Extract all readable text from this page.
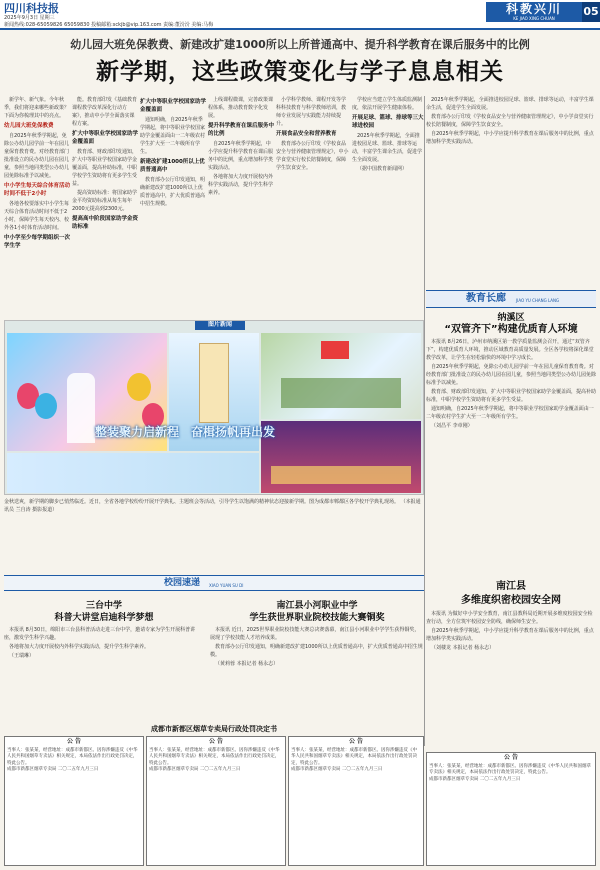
四川科技报
2025年9月3日 星期三
新闻热线:028-65059826 65059830 投稿邮箱:sckjb@vip.163.com 责编:董汾汾 美编:马梅
科教兴川
KE JIAO XING CHUAN
05
幼儿园大班免保教费、新建改扩建1000所以上所普通高中、提升科学教育在课后服务中的比例
新学期，这些政策变化与学子息息相关

新学年、新气象。今年秋季，我们将迎来哪些新政策？下面为你梳理其中的亮点。

幼儿园大班免保教费

自2025年秋季学期起，免除公办幼儿园学前一年在园儿童保育教育费。对经教育部门批准设立的民办幼儿园在园儿童，参照当地同类型公办幼儿园免除标准予以减免。

中小学生每天综合体育活动时间不低于2小时

各地各校要落实中小学生每天综合体育活动时间不低于2小时，保障学生每天校内、校外各1小时体育活动时间。

中小学至少每学期组织一次学生学

能。教育部印发《基础教育课程教学改革深化行动方案》，推动中小学全面落实课程方案。

扩大中等职业学校国家助学金覆盖面

教育部、财政部印发通知，扩大中等职业学校国家助学金覆盖面，提高补助标准，中职学校学生资助将有更多学生受益。

提高资助标准：将国家助学金平均资助标准从每生每年2000元提高到2300元。

提高高中阶段国家助学金资助标准
扩大中等职业学校国家助学金覆盖面

通知明确，自2025年秋季学期起，将中等职业学校国家助学金覆盖面由一二年级农村学生扩大至一二年级所有学生。

新建改扩建1000所以上优质普通高中

教育部办公厅印发通知，明确新建改扩建1000所以上优质普通高中，扩大优质普通高中招生规模。

上线课程微课，完善政策课程体系，推动教育数字化发展。

提升科学教育在课后服务中的比例

自2025年秋季学期起，中小学应提升科学教育在课后服务中的比例，重点增加科学类实践活动。

各地将加大力度开展校内外科学实践活动，提升学生科学素养。

小学科学教师、课程开发等学科科技教育与科学教师培训，教师专业发展与实践能力持续提升。

开展食品安全和营养教育

教育部办公厅印发《学校食品安全与营养健康管理规定》，中小学食堂实行校长陪餐制度，保障学生饮食安全。

学校应当建立学生体质监测制度，依法开展学生健康体检。

开展足球、篮球、排球等三大球进校园

2025年秋季学期起，全面推进校园足球、篮球、排球等运动，丰富学生课余生活，促进学生全面发展。

（据中国教育新闻网）

2025年秋季学期起，全面推进校园足球、篮球、排球等运动，丰富学生课余生活，促进学生全面发展。

教育部办公厅印发《学校食品安全与营养健康管理规定》，中小学食堂实行校长陪餐制度，保障学生饮食安全。

自2025年秋季学期起，中小学应提升科学教育在课后服务中的比例，重点增加科学类实践活动。

图片新闻
整装聚力启新程　奋楫扬帆再出发
金秋送爽，新学期的脚步已悄然临近。近日，全省各地学校纷纷开展开学典礼、主题班会等活动，引导学生以饱满的精神状态迎接新学期。图为成都市郫都区各学校开学典礼现场。 （本报通讯员 兰自涛 摄影报道）
教育长廊	JIAO YU CHANG LANG
纳溪区
“双管齐下”构建优质育人环境

本报讯 8月26日，泸州市纳溪区第一教学质量监测会召开，通过“双管齐下”，构建优质育人环境，推动区域教育高质量发展。全区各学校将深化课堂教学改革，让学生在轻松愉快的环境中学习成长。

自2025年秋季学期起，免除公办幼儿园学前一年在园儿童保育教育费。对经教育部门批准设立的民办幼儿园在园儿童，参照当地同类型公办幼儿园免除标准予以减免。

教育部、财政部印发通知，扩大中等职业学校国家助学金覆盖面，提高补助标准，中职学校学生资助将有更多学生受益。

通知明确，自2025年秋季学期起，将中等职业学校国家助学金覆盖面由一二年级农村学生扩大至一二年级所有学生。

（刘昌平 李章刚）

南江县
多维度织密校园安全网

本报讯 为做好中小学安全教育，南江县教科局近期开展多维度校园安全检查行动，全方位筑牢校园安全防线，确保师生安全。

自2025年秋季学期起，中小学应提升科学教育在课后服务中的比例，重点增加科学类实践活动。

（刘楼龙 本报记者 杨永志）

校园速递 XIAO YUAN SU DI
三台中学
科普大讲堂启迪科学梦想

本报讯 8月30日，绵阳市三台县科普活动走进三台中学，邀请专家为学生开展科普讲座，激发学生科学兴趣。

各地将加大力度开展校内外科学实践活动，提升学生科学素养。

（王瑞琳）

南江县小河职业中学
学生获世界职业院校技能大赛铜奖

本报讯 近日，2025世界职业院校技能大赛总决赛落幕，南江县小河职业中学学生获得铜奖，展现了学校技能人才培养成果。

教育部办公厅印发通知，明确新建改扩建1000所以上优质普通高中，扩大优质普通高中招生规模。

（黄莉蓉 本报记者 杨永志）

成都市新都区烟草专卖局行政处罚决定书
公 告

当事人：张某某，经营地址：成都市新都区。因你涉嫌违反《中华人民共和国烟草专卖法》相关规定，本局依法作出行政处罚决定，特此公告。

成都市新都区烟草专卖局 二〇二五年九月三日

公 告

当事人：张某某，经营地址：成都市新都区。因你涉嫌违反《中华人民共和国烟草专卖法》相关规定，本局依法作出行政处罚决定，特此公告。

成都市新都区烟草专卖局 二〇二五年九月三日

公 告

当事人：张某某，经营地址：成都市新都区。因你涉嫌违反《中华人民共和国烟草专卖法》相关规定，本局依法作出行政处罚决定，特此公告。

成都市新都区烟草专卖局 二〇二五年九月三日

公 告

当事人：张某某，经营地址：成都市新都区。因你涉嫌违反《中华人民共和国烟草专卖法》相关规定，本局依法作出行政处罚决定，特此公告。

成都市新都区烟草专卖局 二〇二五年九月三日
